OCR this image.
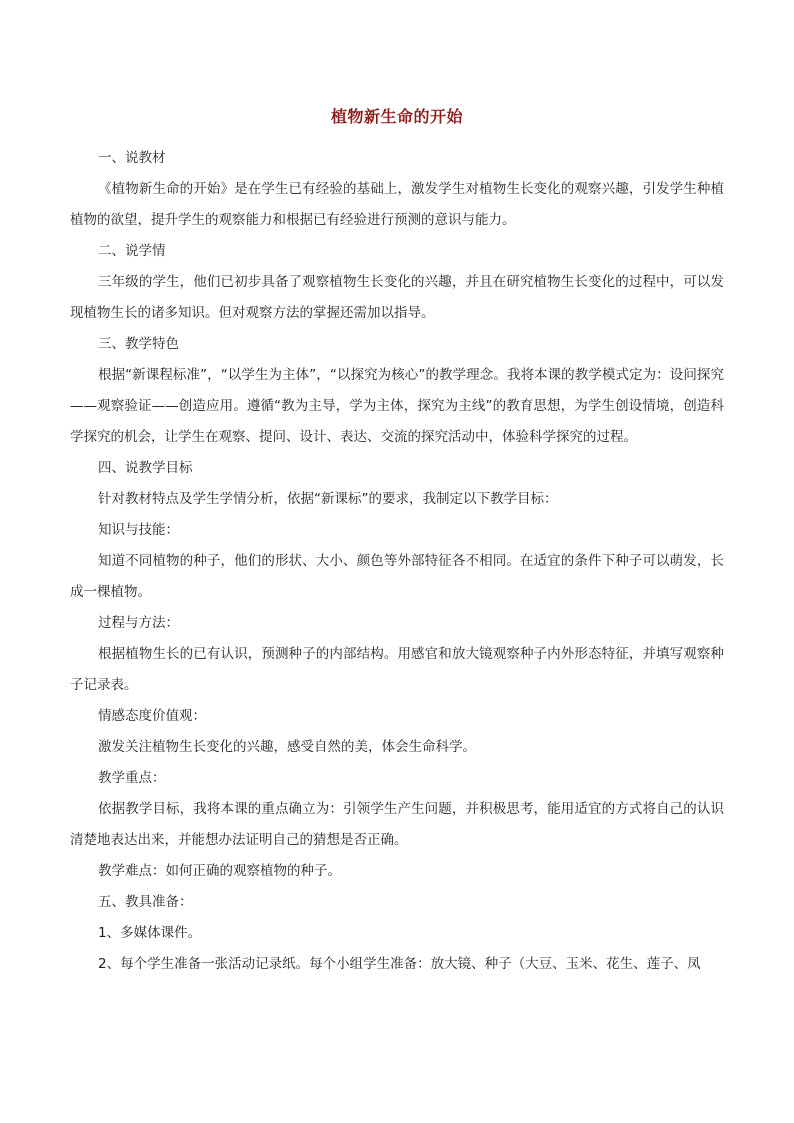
植物新生命的开始

一、说教材

《植物新生命的开始》是在学生已有经验的基础上，激发学生对植物生长变化的观察兴趣，引发学生种植植物的欲望，提升学生的观察能力和根据已有经验进行预测的意识与能力。

二、说学情

三年级的学生，他们已初步具备了观察植物生长变化的兴趣，并且在研究植物生长变化的过程中，可以发现植物生长的诸多知识。但对观察方法的掌握还需加以指导。

三、教学特色

根据“新课程标准”，“以学生为主体”，“以探究为核心”的教学理念。我将本课的教学模式定为：设问探究——观察验证——创造应用。遵循“教为主导，学为主体，探究为主线”的教育思想，为学生创设情境，创造科学探究的机会，让学生在观察、提问、设计、表达、交流的探究活动中，体验科学探究的过程。

四、说教学目标

针对教材特点及学生学情分析，依据“新课标”的要求，我制定以下教学目标：

知识与技能：

知道不同植物的种子，他们的形状、大小、颜色等外部特征各不相同。在适宜的条件下种子可以萌发，长成一棵植物。

过程与方法：

根据植物生长的已有认识，预测种子的内部结构。用感官和放大镜观察种子内外形态特征，并填写观察种子记录表。

情感态度价值观：

激发关注植物生长变化的兴趣，感受自然的美，体会生命科学。

教学重点：

依据教学目标，我将本课的重点确立为：引领学生产生问题，并积极思考，能用适宜的方式将自己的认识清楚地表达出来，并能想办法证明自己的猜想是否正确。

教学难点：如何正确的观察植物的种子。

五、教具准备：

1、多媒体课件。

2、每个学生准备一张活动记录纸。每个小组学生准备：放大镜、种子（大豆、玉米、花生、莲子、凤
